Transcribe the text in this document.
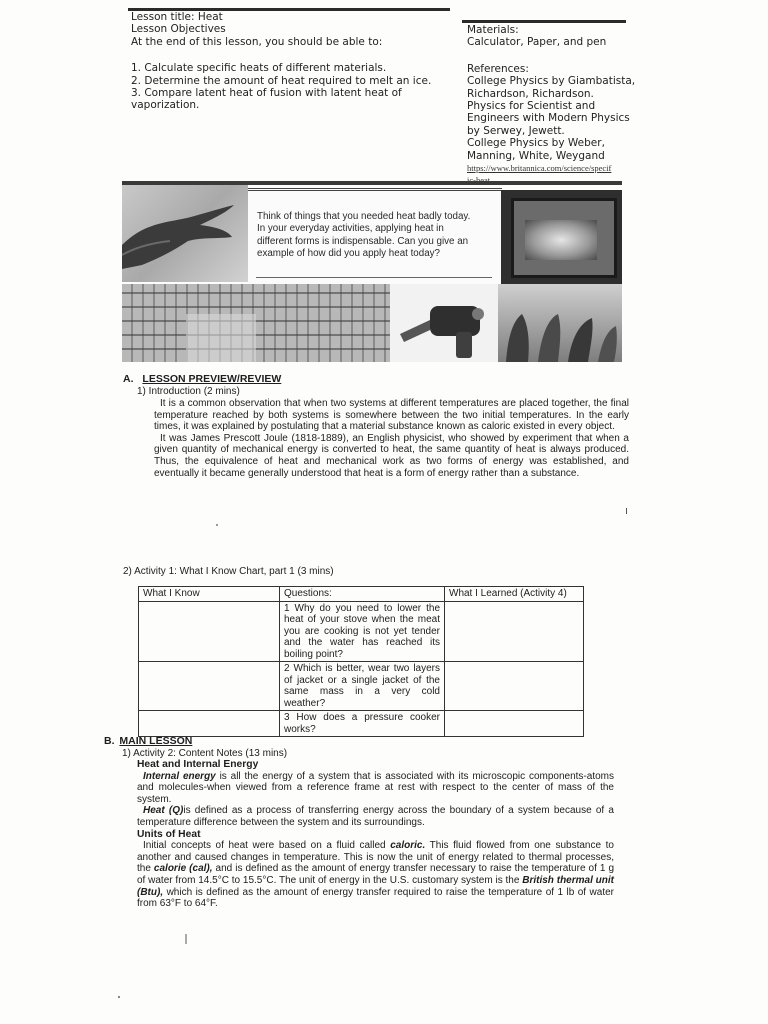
Lesson title: Heat
Lesson Objectives
At the end of this lesson, you should be able to:
1. Calculate specific heats of different materials.
2. Determine the amount of heat required to melt an ice.
3. Compare latent heat of fusion with latent heat of
vaporization.
Materials:
Calculator, Paper, and pen
References:
College Physics by Giambatista,
Richardson, Richardson.
Physics for Scientist and
Engineers with Modern Physics
by Serwey, Jewett.
College Physics by Weber,
Manning, White, Weygand
https://www.britannica.com/science/specif
Think of things that you needed heat badly today.
In your everyday activities, applying heat in
different forms is indispensable. Can you give an
example of how did you apply heat today?
A. LESSON PREVIEW/REVIEW
1) Introduction (2 mins)

It is a common observation that when two systems at different temperatures are placed together, the final temperature reached by both systems is somewhere between the two initial temperatures. In the early times, it was explained by postulating that a material substance known as caloric existed in every object.

It was James Prescott Joule (1818-1889), an English physicist, who showed by experiment that when a given quantity of mechanical energy is converted to heat, the same quantity of heat is always produced. Thus, the equivalence of heat and mechanical work as two forms of energy was established, and eventually it became generally understood that heat is a form of energy rather than a substance.

2) Activity 1: What I Know Chart, part 1 (3 mins)
What I Know	Questions:	What I Learned (Activity 4)
	1 Why do you need to lower the heat of your stove when the meat you are cooking is not yet tender and the water has reached its boiling point?	
	2 Which is better, wear two layers of jacket or a single jacket of the same mass in a very cold weather?	
	3 How does a pressure cooker works?	
B. MAIN LESSON
1) Activity 2: Content Notes (13 mins)
Heat and Internal Energy

Internal energy is all the energy of a system that is associated with its microscopic components-atoms and molecules-when viewed from a reference frame at rest with respect to the center of mass of the system.

Heat (Q)is defined as a process of transferring energy across the boundary of a system because of a temperature difference between the system and its surroundings.

Units of Heat

Initial concepts of heat were based on a fluid called caloric. This fluid flowed from one substance to another and caused changes in temperature. This is now the unit of energy related to thermal processes, the calorie (cal), and is defined as the amount of energy transfer necessary to raise the temperature of 1 g of water from 14.5°C to 15.5°C. The unit of energy in the U.S. customary system is the British thermal unit (Btu), which is defined as the amount of energy transfer required to raise the temperature of 1 lb of water from 63°F to 64°F.
